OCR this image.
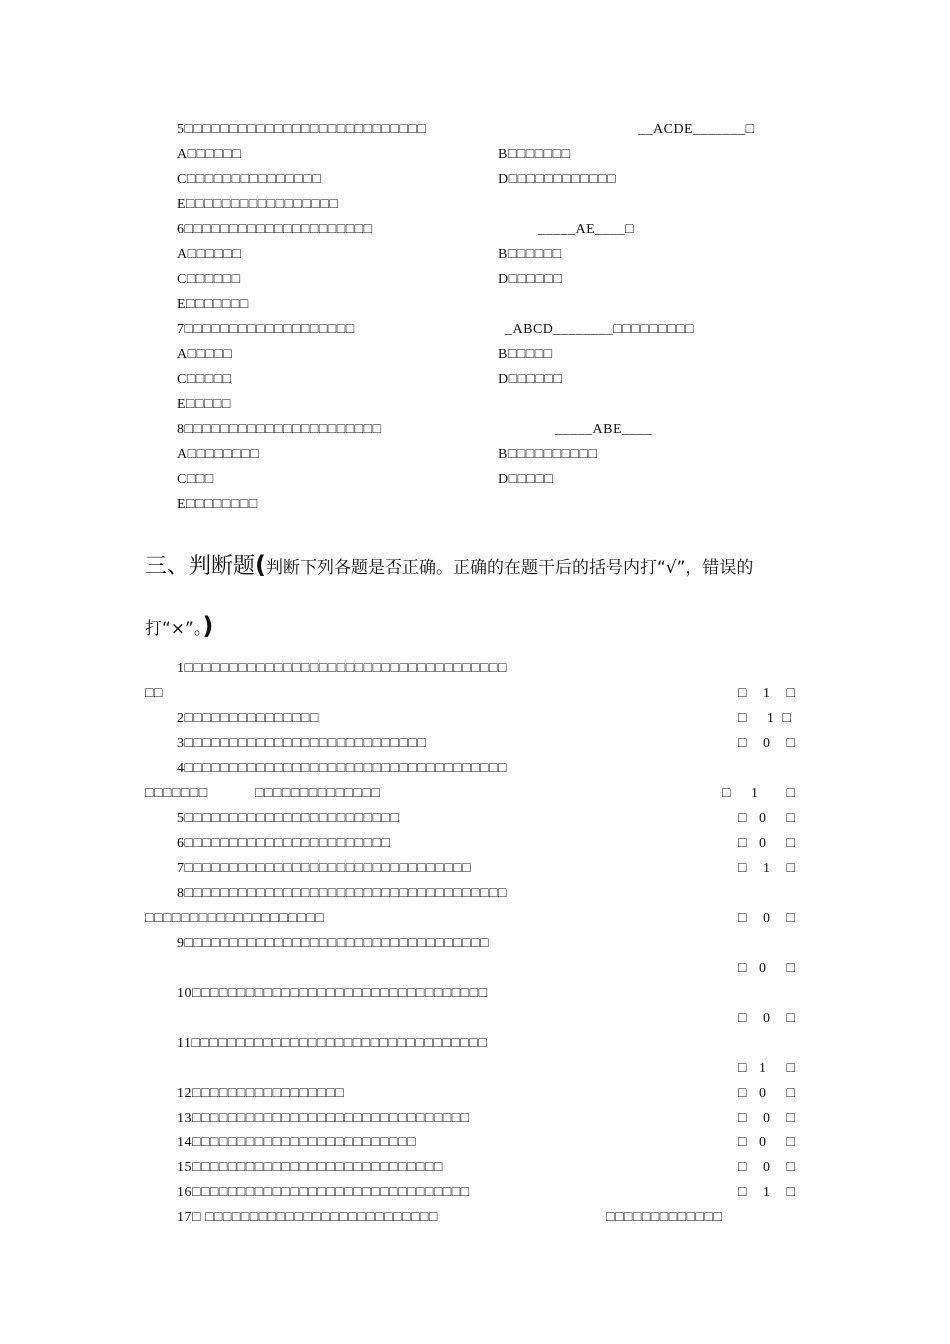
5□□□□□□□□□□□□□□□□□□□□□□□□□□□	__ACDE_______□
A□□□□□□	B□□□□□□□
C□□□□□□□□□□□□□□□	D□□□□□□□□□□□□
E□□□□□□□□□□□□□□□□□
6□□□□□□□□□□□□□□□□□□□□□	_____AE____□
A□□□□□□	B□□□□□□
C□□□□□□	D□□□□□□
E□□□□□□□
7□□□□□□□□□□□□□□□□□□□	_ABCD________□□□□□□□□□
A□□□□□	B□□□□□
C□□□□□	D□□□□□□
E□□□□□
8□□□□□□□□□□□□□□□□□□□□□□	_____ABE____
A□□□□□□□□	B□□□□□□□□□□
C□□□	D□□□□□
E□□□□□□□□
三、判断题(判断下列各题是否正确。正确的在题干后的括号内打“√”，错误的打“×”。)
1□□□□□□□□□□□□□□□□□□□□□□□□□□□□□□□□□□□□
□□	□    1    □
2□□□□□□□□□□□□□□□	□     1  □
3□□□□□□□□□□□□□□□□□□□□□□□□□□□	□    0    □
4□□□□□□□□□□□□□□□□□□□□□□□□□□□□□□□□□□□□
□□□□□□□	□□□□□□□□□□□□□□	□     1       □
5□□□□□□□□□□□□□□□□□□□□□□□□	□   0     □
6□□□□□□□□□□□□□□□□□□□□□□□	□   0     □
7□□□□□□□□□□□□□□□□□□□□□□□□□□□□□□□□	□    1    □
8□□□□□□□□□□□□□□□□□□□□□□□□□□□□□□□□□□□□
□□□□□□□□□□□□□□□□□□□□	□    0    □
9□□□□□□□□□□□□□□□□□□□□□□□□□□□□□□□□□□
□   0     □
10□□□□□□□□□□□□□□□□□□□□□□□□□□□□□□□□□
□    0    □
11□□□□□□□□□□□□□□□□□□□□□□□□□□□□□□□□□
□   1     □
12□□□□□□□□□□□□□□□□□	□   0     □
13□□□□□□□□□□□□□□□□□□□□□□□□□□□□□□□	□    0    □
14□□□□□□□□□□□□□□□□□□□□□□□□□	□   0     □
15□□□□□□□□□□□□□□□□□□□□□□□□□□□□	□    0    □
16□□□□□□□□□□□□□□□□□□□□□□□□□□□□□□□	□    1    □
17□ □□□□□□□□□□□□□□□□□□□□□□□□□□	□□□□□□□□□□□□□
